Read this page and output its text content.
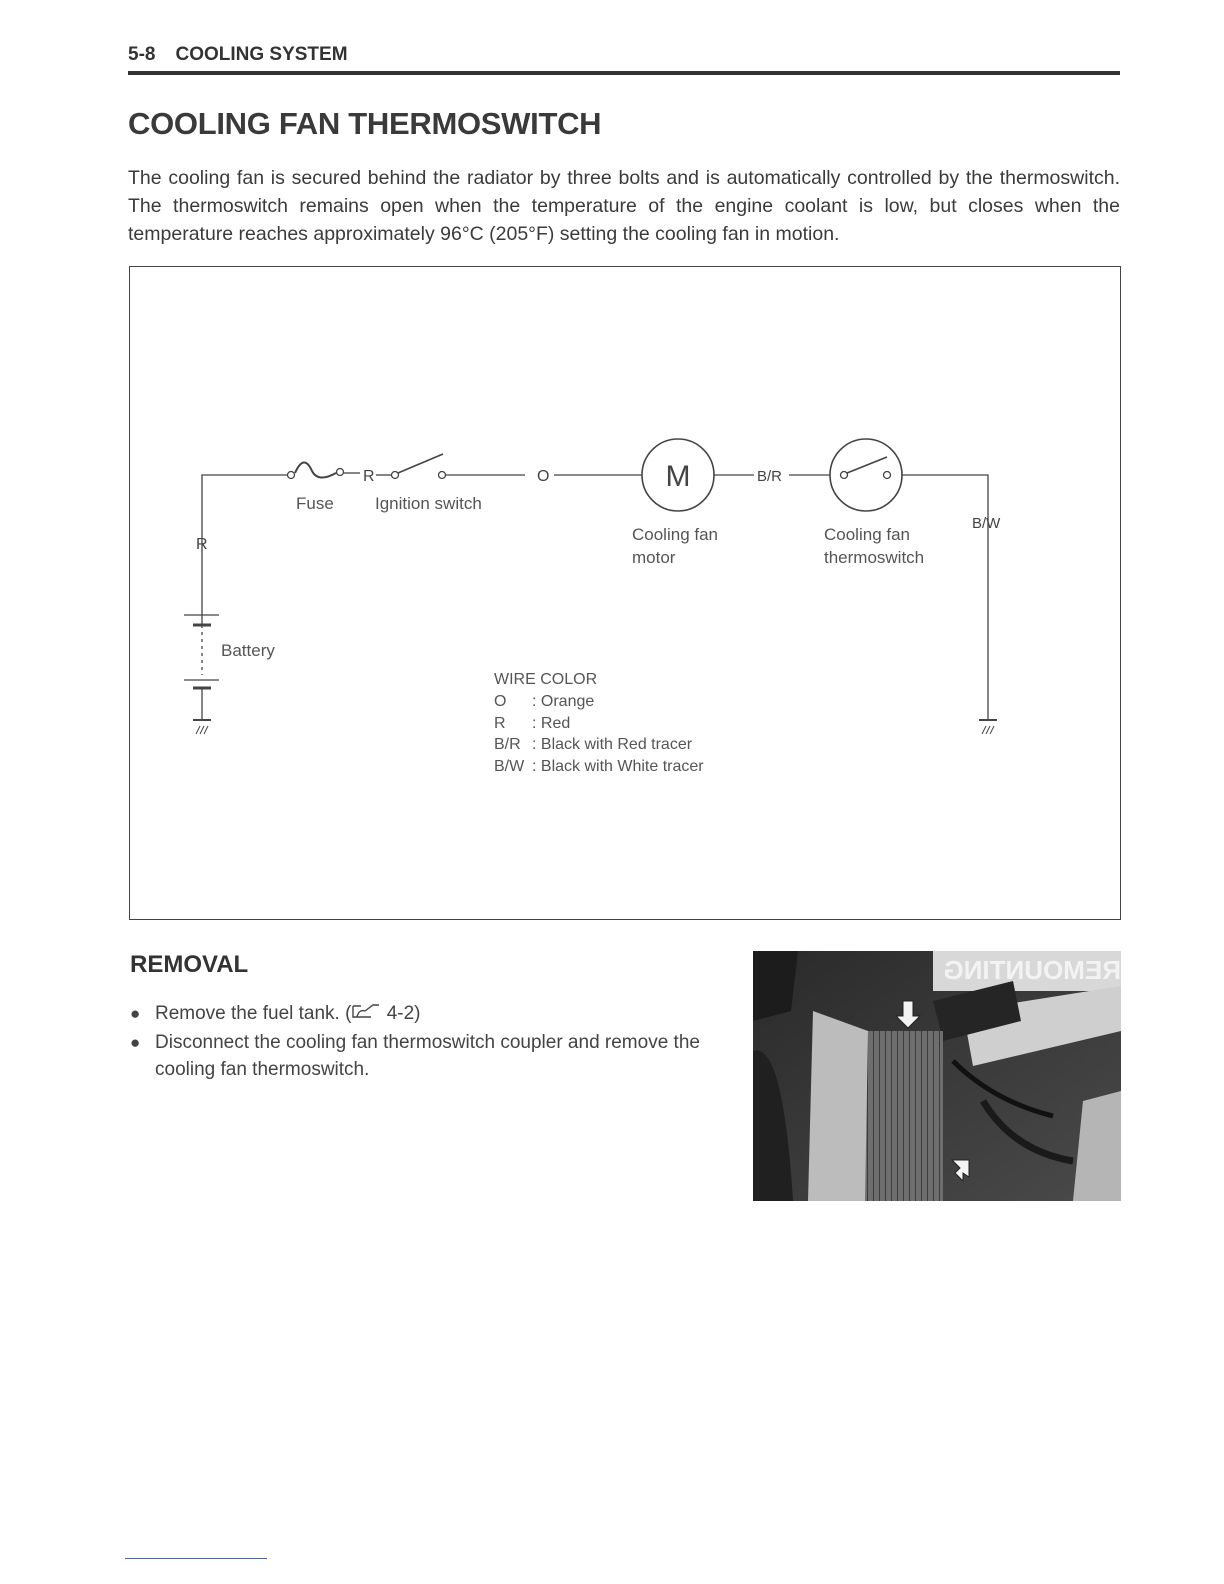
5-8 COOLING SYSTEM
COOLING FAN THERMOSWITCH
The cooling fan is secured behind the radiator by three bolts and is automatically controlled by the thermoswitch. The thermoswitch remains open when the temperature of the engine coolant is low, but closes when the temperature reaches approximately 96°C (205°F) setting the cooling fan in motion.
R	O	M	B/R
B/W
R
Fuse Ignition switch
Cooling fan
motor
Cooling fan
thermoswitch
Battery
WIRE COLOR
O : Orange
R : Red
B/R : Black with Red tracer
B/W : Black with White tracer
REMOVAL
● Remove the fuel tank. ( 4-2)
● Disconnect the cooling fan thermoswitch coupler and remove the cooling fan thermoswitch.
REMOUNTING
